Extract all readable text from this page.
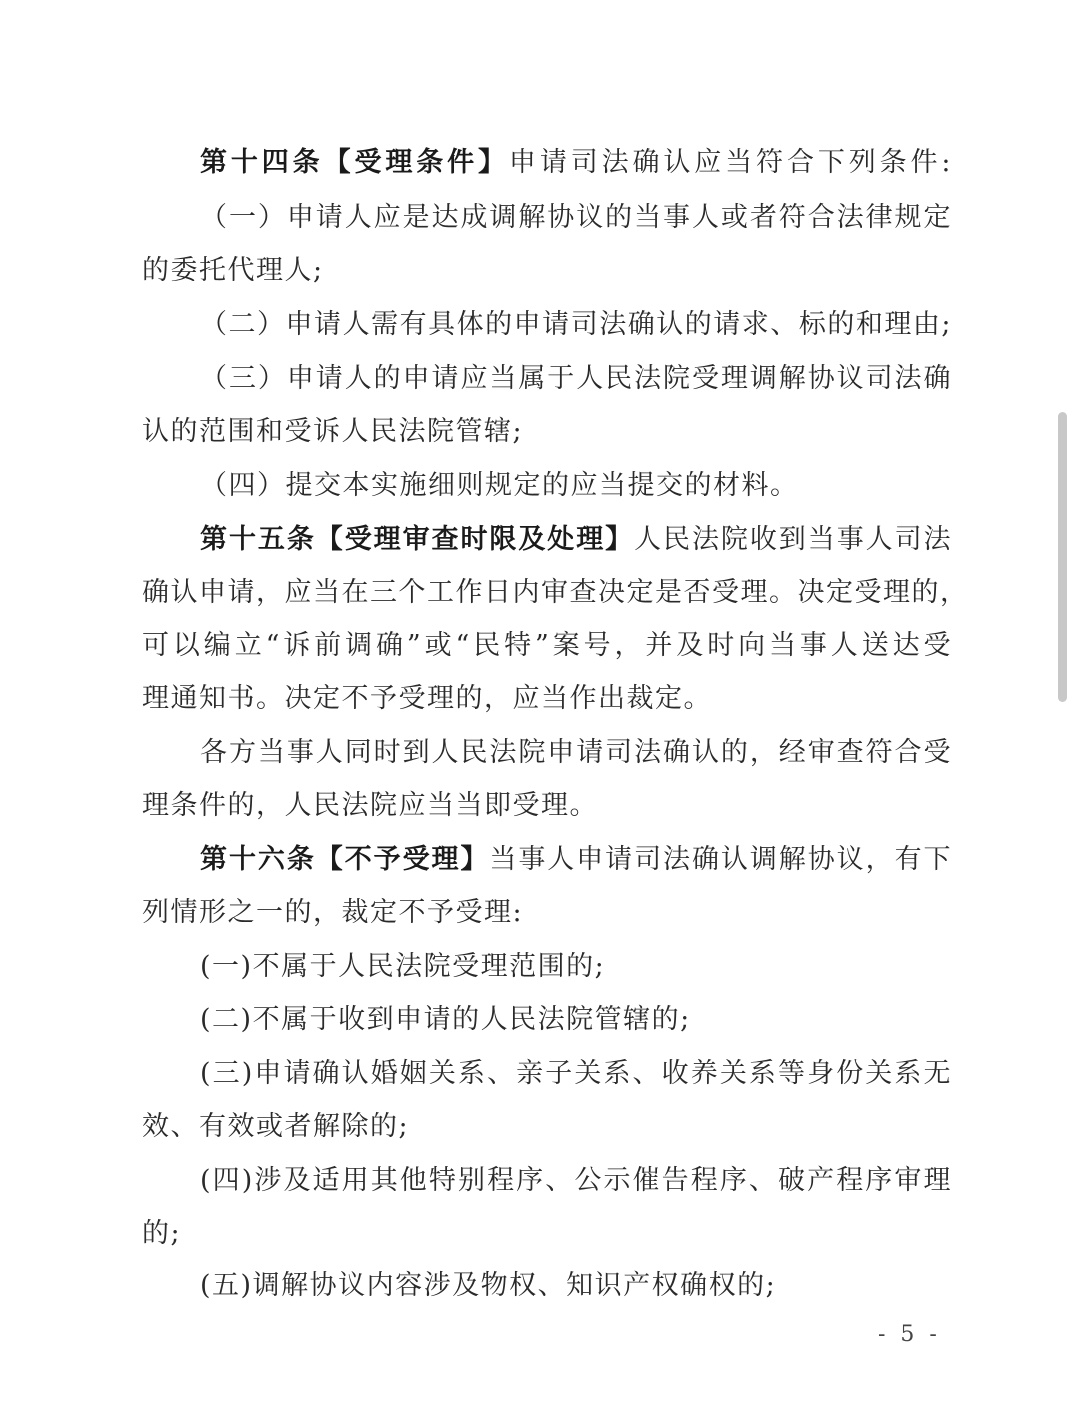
第十四条【受理条件】申请司法确认应当符合下列条件:
（一）申请人应是达成调解协议的当事人或者符合法律规定
的委托代理人;
（二）申请人需有具体的申请司法确认的请求、标的和理由;
（三）申请人的申请应当属于人民法院受理调解协议司法确
认的范围和受诉人民法院管辖;
（四）提交本实施细则规定的应当提交的材料。
第十五条【受理审查时限及处理】人民法院收到当事人司法
确认申请，应当在三个工作日内审查决定是否受理。决定受理的，
可以编立“诉前调确”或“民特”案号，并及时向当事人送达受
理通知书。决定不予受理的，应当作出裁定。
各方当事人同时到人民法院申请司法确认的，经审查符合受
理条件的，人民法院应当当即受理。
第十六条【不予受理】当事人申请司法确认调解协议，有下
列情形之一的，裁定不予受理:
(一)不属于人民法院受理范围的;
(二)不属于收到申请的人民法院管辖的;
(三)申请确认婚姻关系、亲子关系、收养关系等身份关系无
效、有效或者解除的;
(四)涉及适用其他特别程序、公示催告程序、破产程序审理
的;
(五)调解协议内容涉及物权、知识产权确权的;
- 5 -
